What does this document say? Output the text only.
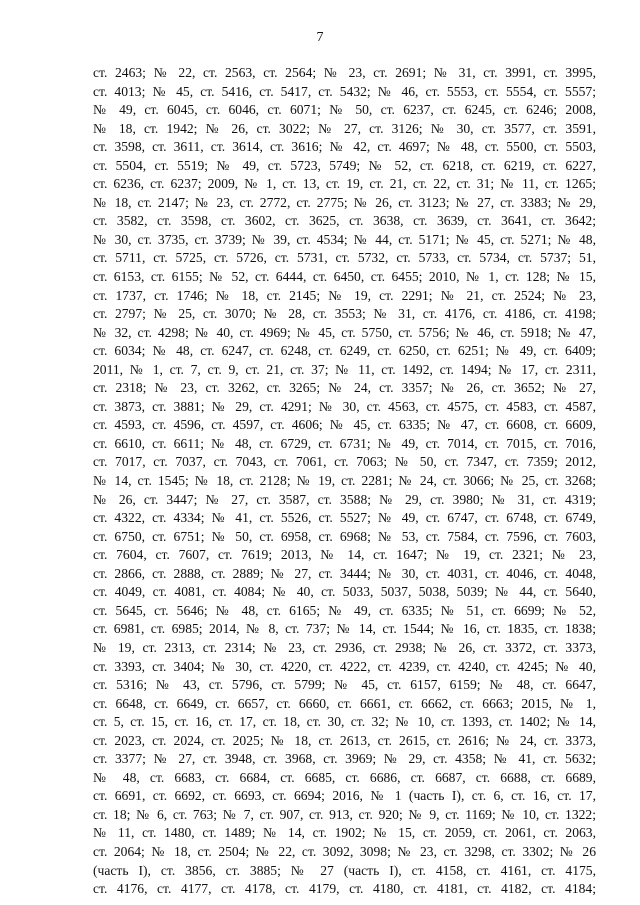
7
ст. 2463; № 22, ст. 2563, ст. 2564; № 23, ст. 2691; № 31, ст. 3991, ст. 3995,
ст. 4013; № 45, ст. 5416, ст. 5417, ст. 5432; № 46, ст. 5553, ст. 5554, ст. 5557;
№ 49, ст. 6045, ст. 6046, ст. 6071; № 50, ст. 6237, ст. 6245, ст. 6246; 2008,
№ 18, ст. 1942; № 26, ст. 3022; № 27, ст. 3126; № 30, ст. 3577, ст. 3591,
ст. 3598, ст. 3611, ст. 3614, ст. 3616; № 42, ст. 4697; № 48, ст. 5500, ст. 5503,
ст. 5504, ст. 5519; № 49, ст. 5723, 5749; № 52, ст. 6218, ст. 6219, ст. 6227,
ст. 6236, ст. 6237; 2009, № 1, ст. 13, ст. 19, ст. 21, ст. 22, ст. 31; № 11, ст. 1265;
№ 18, ст. 2147; № 23, ст. 2772, ст. 2775; № 26, ст. 3123; № 27, ст. 3383; № 29,
ст. 3582, ст. 3598, ст. 3602, ст. 3625, ст. 3638, ст. 3639, ст. 3641, ст. 3642;
№ 30, ст. 3735, ст. 3739; № 39, ст. 4534; № 44, ст. 5171; № 45, ст. 5271; № 48,
ст. 5711, ст. 5725, ст. 5726, ст. 5731, ст. 5732, ст. 5733, ст. 5734, ст. 5737; 51,
ст. 6153, ст. 6155; № 52, ст. 6444, ст. 6450, ст. 6455; 2010, № 1, ст. 128; № 15,
ст. 1737, ст. 1746; № 18, ст. 2145; № 19, ст. 2291; № 21, ст. 2524; № 23,
ст. 2797; № 25, ст. 3070; № 28, ст. 3553; № 31, ст. 4176, ст. 4186, ст. 4198;
№ 32, ст. 4298; № 40, ст. 4969; № 45, ст. 5750, ст. 5756; № 46, ст. 5918; № 47,
ст. 6034; № 48, ст. 6247, ст. 6248, ст. 6249, ст. 6250, ст. 6251; № 49, ст. 6409;
2011, № 1, ст. 7, ст. 9, ст. 21, ст. 37; № 11, ст. 1492, ст. 1494; № 17, ст. 2311,
ст. 2318; № 23, ст. 3262, ст. 3265; № 24, ст. 3357; № 26, ст. 3652; № 27,
ст. 3873, ст. 3881; № 29, ст. 4291; № 30, ст. 4563, ст. 4575, ст. 4583, ст. 4587,
ст. 4593, ст. 4596, ст. 4597, ст. 4606; № 45, ст. 6335; № 47, ст. 6608, ст. 6609,
ст. 6610, ст. 6611; № 48, ст. 6729, ст. 6731; № 49, ст. 7014, ст. 7015, ст. 7016,
ст. 7017, ст. 7037, ст. 7043, ст. 7061, ст. 7063; № 50, ст. 7347, ст. 7359; 2012,
№ 14, ст. 1545; № 18, ст. 2128; № 19, ст. 2281; № 24, ст. 3066; № 25, ст. 3268;
№ 26, ст. 3447; № 27, ст. 3587, ст. 3588; № 29, ст. 3980; № 31, ст. 4319;
ст. 4322, ст. 4334; № 41, ст. 5526, ст. 5527; № 49, ст. 6747, ст. 6748, ст. 6749,
ст. 6750, ст. 6751; № 50, ст. 6958, ст. 6968; № 53, ст. 7584, ст. 7596, ст. 7603,
ст. 7604, ст. 7607, ст. 7619; 2013, № 14, ст. 1647; № 19, ст. 2321; № 23,
ст. 2866, ст. 2888, ст. 2889; № 27, ст. 3444; № 30, ст. 4031, ст. 4046, ст. 4048,
ст. 4049, ст. 4081, ст. 4084; № 40, ст. 5033, 5037, 5038, 5039; № 44, ст. 5640,
ст. 5645, ст. 5646; № 48, ст. 6165; № 49, ст. 6335; № 51, ст. 6699; № 52,
ст. 6981, ст. 6985; 2014, № 8, ст. 737; № 14, ст. 1544; № 16, ст. 1835, ст. 1838;
№ 19, ст. 2313, ст. 2314; № 23, ст. 2936, ст. 2938; № 26, ст. 3372, ст. 3373,
ст. 3393, ст. 3404; № 30, ст. 4220, ст. 4222, ст. 4239, ст. 4240, ст. 4245; № 40,
ст. 5316; № 43, ст. 5796, ст. 5799; № 45, ст. 6157, 6159; № 48, ст. 6647,
ст. 6648, ст. 6649, ст. 6657, ст. 6660, ст. 6661, ст. 6662, ст. 6663; 2015, № 1,
ст. 5, ст. 15, ст. 16, ст. 17, ст. 18, ст. 30, ст. 32; № 10, ст. 1393, ст. 1402; № 14,
ст. 2023, ст. 2024, ст. 2025; № 18, ст. 2613, ст. 2615, ст. 2616; № 24, ст. 3373,
ст. 3377; № 27, ст. 3948, ст. 3968, ст. 3969; № 29, ст. 4358; № 41, ст. 5632;
№ 48, ст. 6683, ст. 6684, ст. 6685, ст. 6686, ст. 6687, ст. 6688, ст. 6689,
ст. 6691, ст. 6692, ст. 6693, ст. 6694; 2016, № 1 (часть I), ст. 6, ст. 16, ст. 17,
ст. 18; № 6, ст. 763; № 7, ст. 907, ст. 913, ст. 920; № 9, ст. 1169; № 10, ст. 1322;
№ 11, ст. 1480, ст. 1489; № 14, ст. 1902; № 15, ст. 2059, ст. 2061, ст. 2063,
ст. 2064; № 18, ст. 2504; № 22, ст. 3092, 3098; № 23, ст. 3298, ст. 3302; № 26
(часть I), ст. 3856, ст. 3885; № 27 (часть I), ст. 4158, ст. 4161, ст. 4175,
ст. 4176, ст. 4177, ст. 4178, ст. 4179, ст. 4180, ст. 4181, ст. 4182, ст. 4184;
